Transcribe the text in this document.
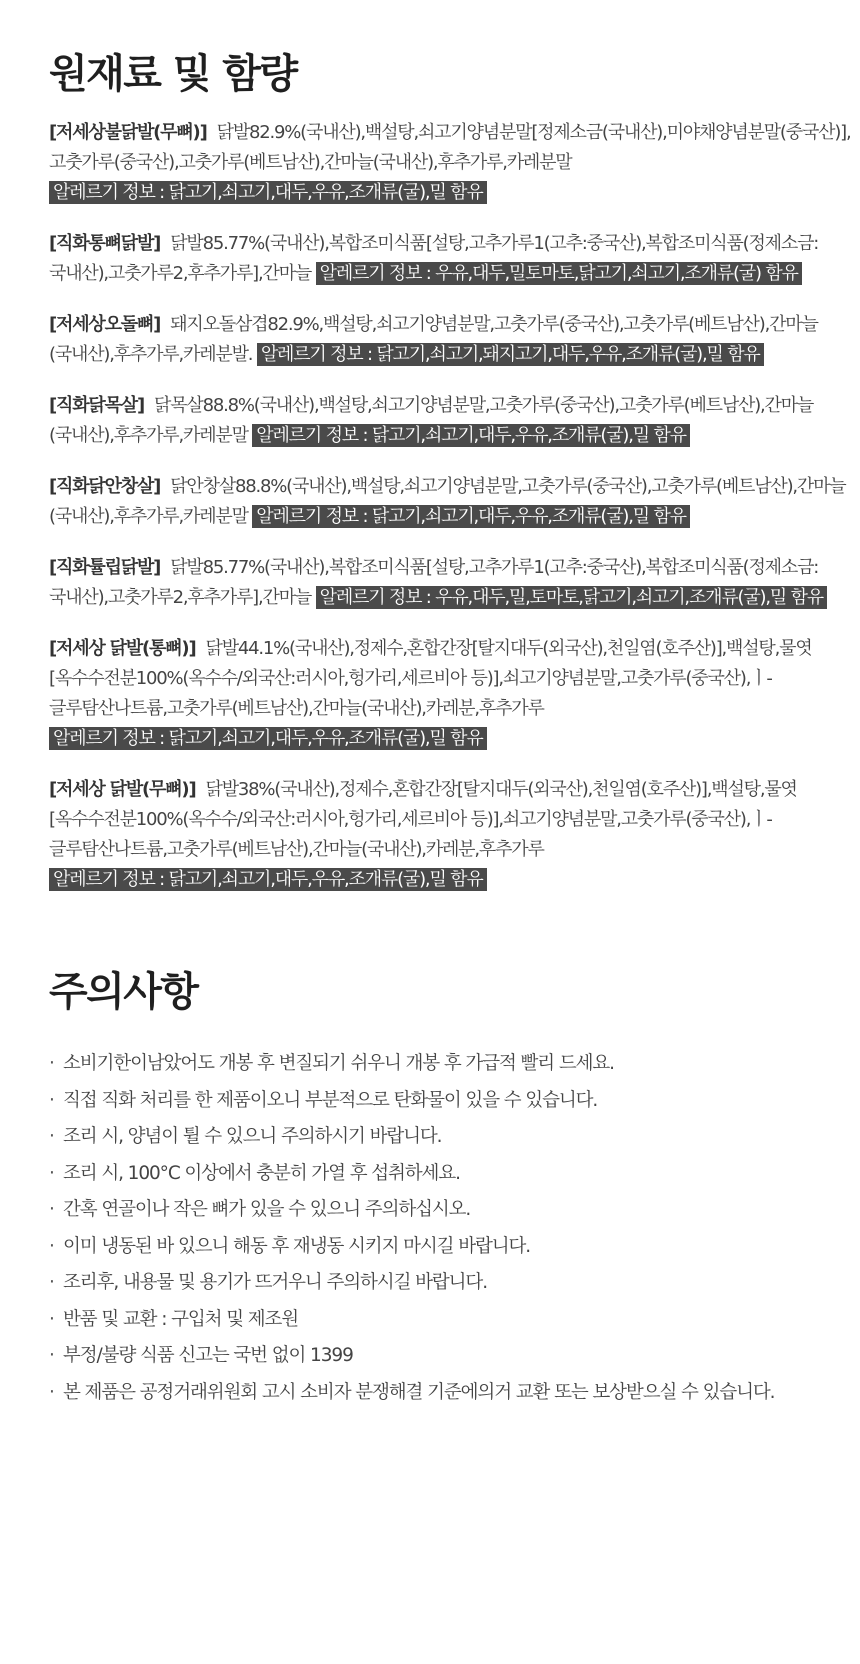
원재료 및 함량

[저세상불닭발(무뼈)] 닭발82.9%(국내산),백설탕,쇠고기양념분말[정제소금(국내산),미야채양념분말(중국산)],고춧가루(중국산),고춧가루(베트남산),간마늘(국내산),후추가루,카레분말 알레르기 정보 : 닭고기,쇠고기,대두,우유,조개류(굴),밀 함유

[직화통뼈닭발] 닭발85.77%(국내산),복합조미식품[설탕,고추가루1(고추:중국산),복합조미식품(정제소금:국내산),고춧가루2,후추가루],간마늘 알레르기 정보 : 우유,대두,밀토마토,닭고기,쇠고기,조개류(굴) 함유

[저세상오돌뼈] 돼지오돌삼겹82.9%,백설탕,쇠고기양념분말,고춧가루(중국산),고춧가루(베트남산),간마늘(국내산),후추가루,카레분발. 알레르기 정보 : 닭고기,쇠고기,돼지고기,대두,우유,조개류(굴),밀 함유

[직화닭목살] 닭목살88.8%(국내산),백설탕,쇠고기양념분말,고춧가루(중국산),고춧가루(베트남산),간마늘(국내산),후추가루,카레분말 알레르기 정보 : 닭고기,쇠고기,대두,우유,조개류(굴),밀 함유

[직화닭안창살] 닭안창살88.8%(국내산),백설탕,쇠고기양념분말,고춧가루(중국산),고춧가루(베트남산),간마늘(국내산),후추가루,카레분말 알레르기 정보 : 닭고기,쇠고기,대두,우유,조개류(굴),밀 함유

[직화튤립닭발] 닭발85.77%(국내산),복합조미식품[설탕,고추가루1(고추:중국산),복합조미식품(정제소금:국내산),고춧가루2,후추가루],간마늘 알레르기 정보 : 우유,대두,밀,토마토,닭고기,쇠고기,조개류(굴),밀 함유

[저세상 닭발(통뼈)] 닭발44.1%(국내산),정제수,혼합간장[탈지대두(외국산),천일염(호주산)],백설탕,물엿[옥수수전분100%(옥수수/외국산:러시아,헝가리,세르비아 등)],쇠고기양념분말,고춧가루(중국산),ㅣ-글루탐산나트륨,고춧가루(베트남산),간마늘(국내산),카레분,후추가루 알레르기 정보 : 닭고기,쇠고기,대두,우유,조개류(굴),밀 함유

[저세상 닭발(무뼈)] 닭발38%(국내산),정제수,혼합간장[탈지대두(외국산),천일염(호주산)],백설탕,물엿[옥수수전분100%(옥수수/외국산:러시아,헝가리,세르비아 등)],쇠고기양념분말,고춧가루(중국산),ㅣ-글루탐산나트륨,고춧가루(베트남산),간마늘(국내산),카레분,후추가루 알레르기 정보 : 닭고기,쇠고기,대두,우유,조개류(굴),밀 함유

주의사항
· 소비기한이남았어도 개봉 후 변질되기 쉬우니 개봉 후 가급적 빨리 드세요.
· 직접 직화 처리를 한 제품이오니 부분적으로 탄화물이 있을 수 있습니다.
· 조리 시, 양념이 튈 수 있으니 주의하시기 바랍니다.
· 조리 시, 100°C 이상에서 충분히 가열 후 섭취하세요.
· 간혹 연골이나 작은 뼈가 있을 수 있으니 주의하십시오.
· 이미 냉동된 바 있으니 해동 후 재냉동 시키지 마시길 바랍니다.
· 조리후, 내용물 및 용기가 뜨거우니 주의하시길 바랍니다.
· 반품 및 교환 : 구입처 및 제조원
· 부정/불량 식품 신고는 국번 없이 1399
· 본 제품은 공정거래위원회 고시 소비자 분쟁해결 기준에의거 교환 또는 보상받으실 수 있습니다.
